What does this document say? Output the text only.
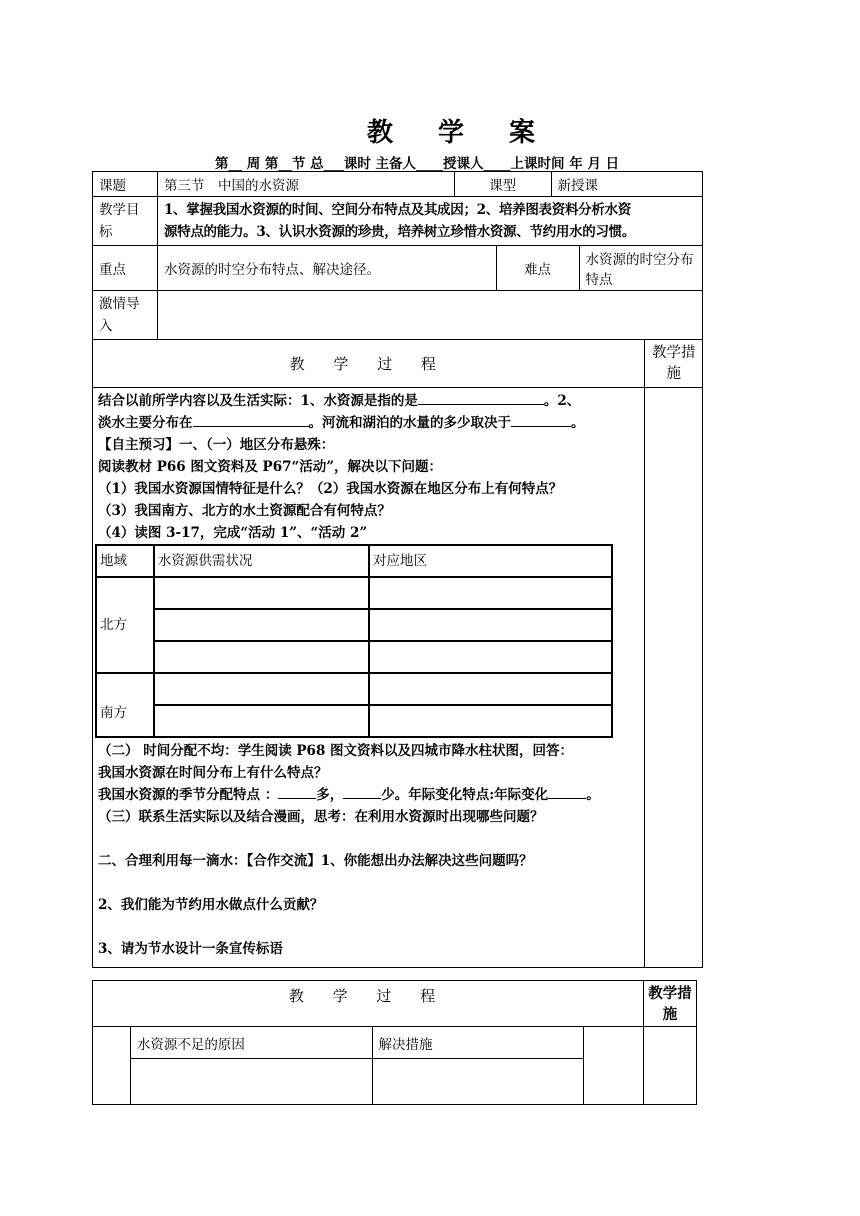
教 学 案
第__ 周 第__节 总___课时 主备人____授课人____上课时间 年 月 日
课题	第三节　中国的水资源	课型	新授课
教学目标	
1、掌握我国水资源的时间、空间分布特点及其成因；2、培养图表资料分析水资
源特点的能力。3、认识水资源的珍贵，培养树立珍惜水资源、节约用水的习惯。

重点	水资源的时空分布特点、解决途径。	难点	水资源的时空分布特点
激情导入	
教 学 过 程	教学措施

结合以前所学内容以及生活实际：1、水资源是指的是	。2、

淡水主要分布在	。河流和湖泊的水量的多少取决于	。

【自主预习】一、（一）地区分布悬殊：

阅读教材 P66 图文资料及 P67“活动”，解决以下问题：

（1）我国水资源国情特征是什么？（2）我国水资源在地区分布上有何特点？

（3）我国南方、北方的水土资源配合有何特点？

（4）读图 3-17，完成“活动 1”、“活动 2”

地域	水资源供需状况	对应地区
北方		

南方		

（二） 时间分配不均：学生阅读 P68 图文资料以及四城市降水柱状图，回答：

我国水资源在时间分布上有什么特点？

我国水资源的季节分配特点 ：	多，	少。年际变化特点:年际变化	。

（三）联系生活实际以及结合漫画，思考：在利用水资源时出现哪些问题？

二、合理利用每一滴水：【合作交流】1、你能想出办法解决这些问题吗？

2、我们能为节约用水做点什么贡献？

3、请为节水设计一条宣传标语

教 学 过 程				教学措施
	水资源不足的原因	解决措施		
